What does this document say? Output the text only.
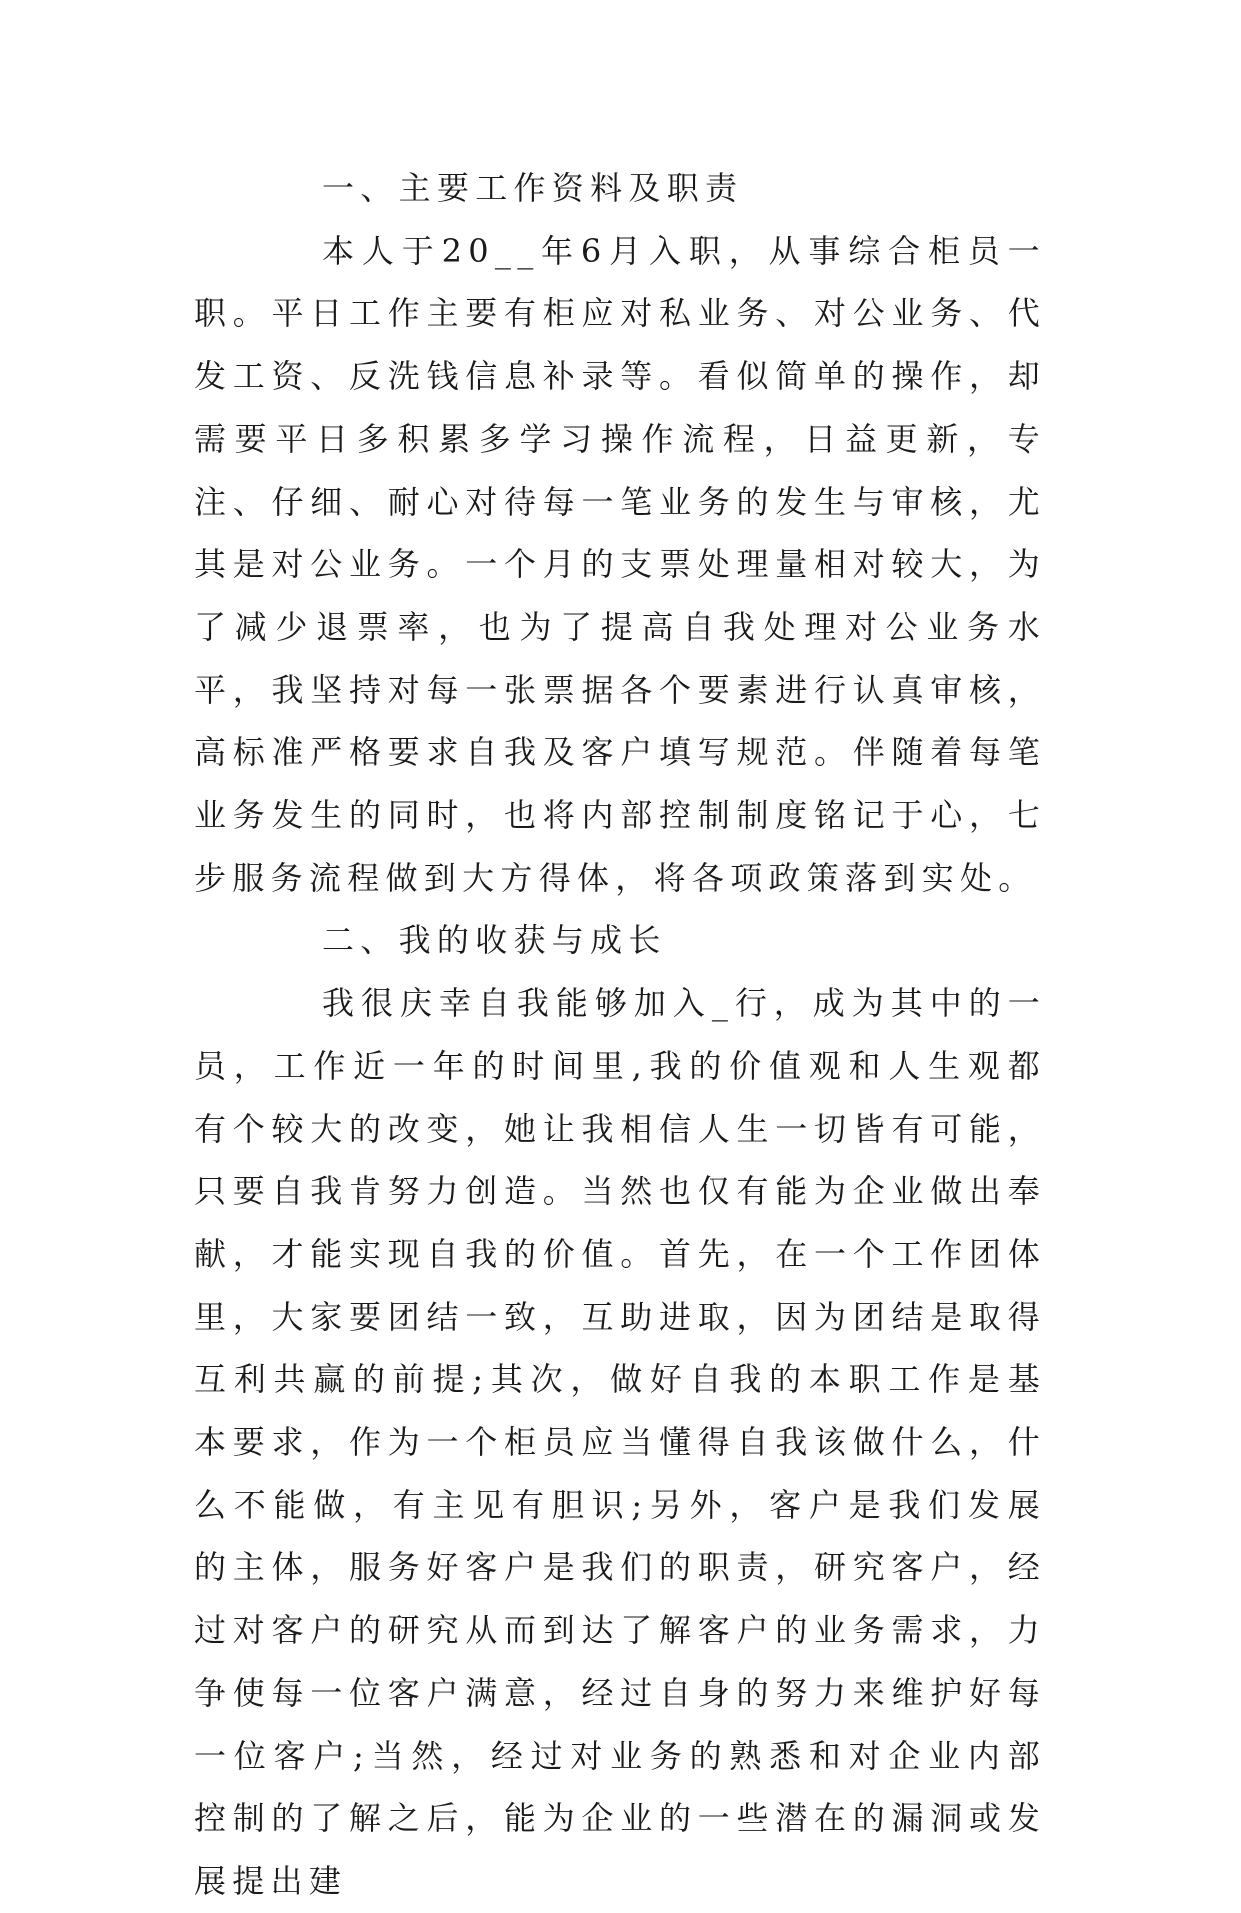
一、主要工作资料及职责

本人于20__年6月入职，从事综合柜员一职。平日工作主要有柜应对私业务、对公业务、代发工资、反洗钱信息补录等。看似简单的操作，却需要平日多积累多学习操作流程，日益更新，专注、仔细、耐心对待每一笔业务的发生与审核，尤其是对公业务。一个月的支票处理量相对较大，为了减少退票率，也为了提高自我处理对公业务水平，我坚持对每一张票据各个要素进行认真审核，高标准严格要求自我及客户填写规范。伴随着每笔业务发生的同时，也将内部控制制度铭记于心，七步服务流程做到大方得体，将各项政策落到实处。

二、我的收获与成长

我很庆幸自我能够加入_行，成为其中的一员，工作近一年的时间里,我的价值观和人生观都有个较大的改变，她让我相信人生一切皆有可能，只要自我肯努力创造。当然也仅有能为企业做出奉献，才能实现自我的价值。首先，在一个工作团体里，大家要团结一致，互助进取，因为团结是取得互利共赢的前提;其次，做好自我的本职工作是基本要求，作为一个柜员应当懂得自我该做什么，什么不能做，有主见有胆识;另外，客户是我们发展的主体，服务好客户是我们的职责，研究客户，经过对客户的研究从而到达了解客户的业务需求，力争使每一位客户满意，经过自身的努力来维护好每一位客户;当然，经过对业务的熟悉和对企业内部控制的了解之后，能为企业的一些潜在的漏洞或发展提出建
